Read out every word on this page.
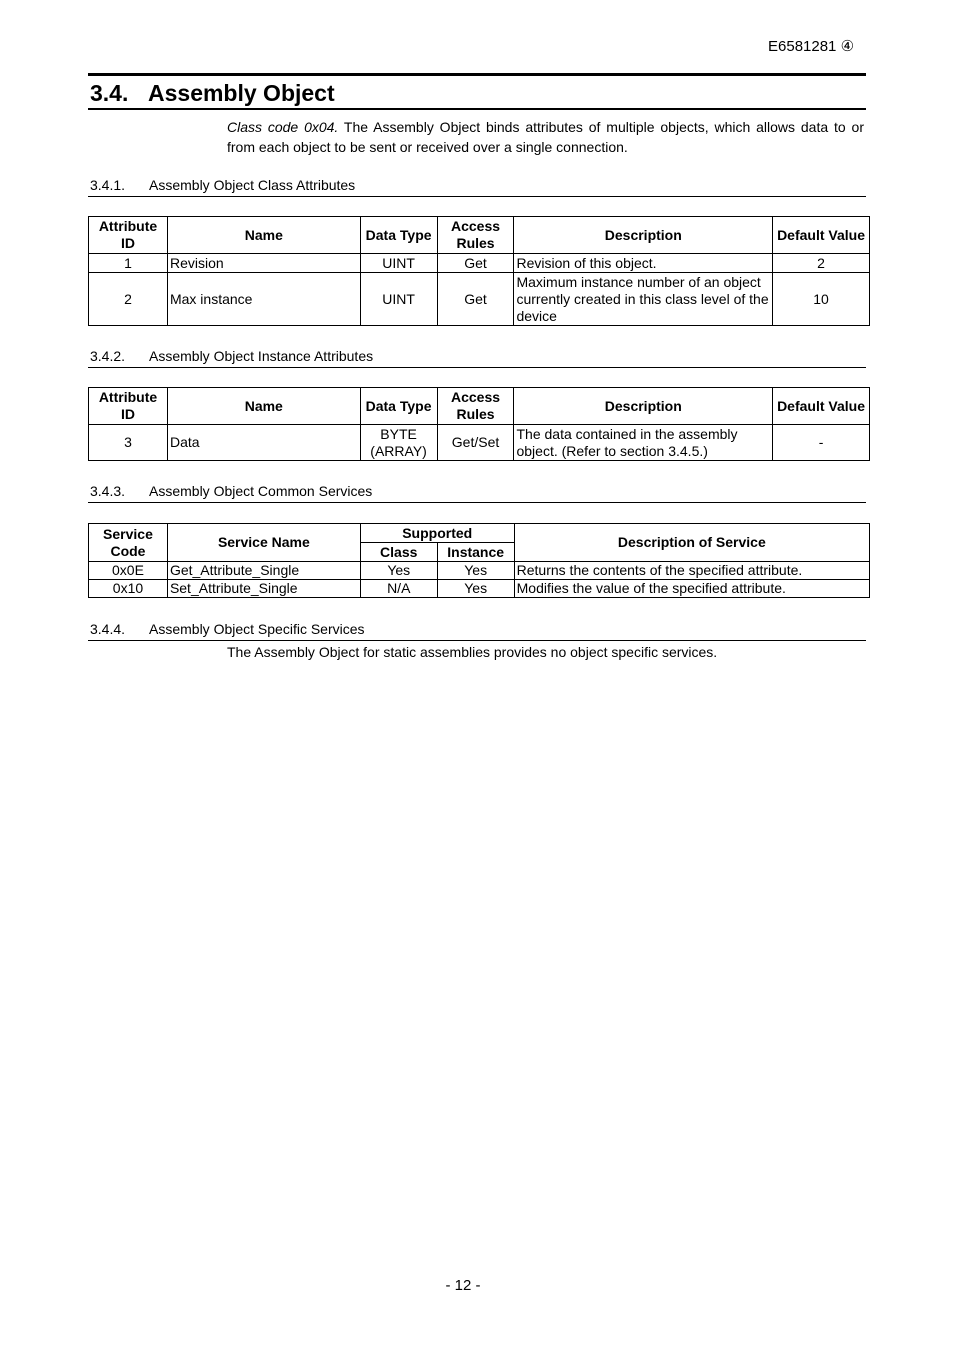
E6581281 ④
3.4. Assembly Object
Class code 0x04. The Assembly Object binds attributes of multiple objects, which allows data to or from each object to be sent or received over a single connection.
3.4.1. Assembly Object Class Attributes
Attribute ID	Name	Data Type	Access Rules	Description	Default Value
1	Revision	UINT	Get	Revision of this object.	2
2	Max instance	UINT	Get	Maximum instance number of an object currently created in this class level of the device	10
3.4.2. Assembly Object Instance Attributes
Attribute ID	Name	Data Type	Access Rules	Description	Default Value
3	Data	BYTE (ARRAY)	Get/Set	The data contained in the assembly object. (Refer to section 3.4.5.)	-
3.4.3. Assembly Object Common Services
Service Code	Service Name	Supported		Description of Service
		Class	Instance	
0x0E	Get_Attribute_Single	Yes	Yes	Returns the contents of the specified attribute.
0x10	Set_Attribute_Single	N/A	Yes	Modifies the value of the specified attribute.
3.4.4. Assembly Object Specific Services
The Assembly Object for static assemblies provides no object specific services.
- 12 -
